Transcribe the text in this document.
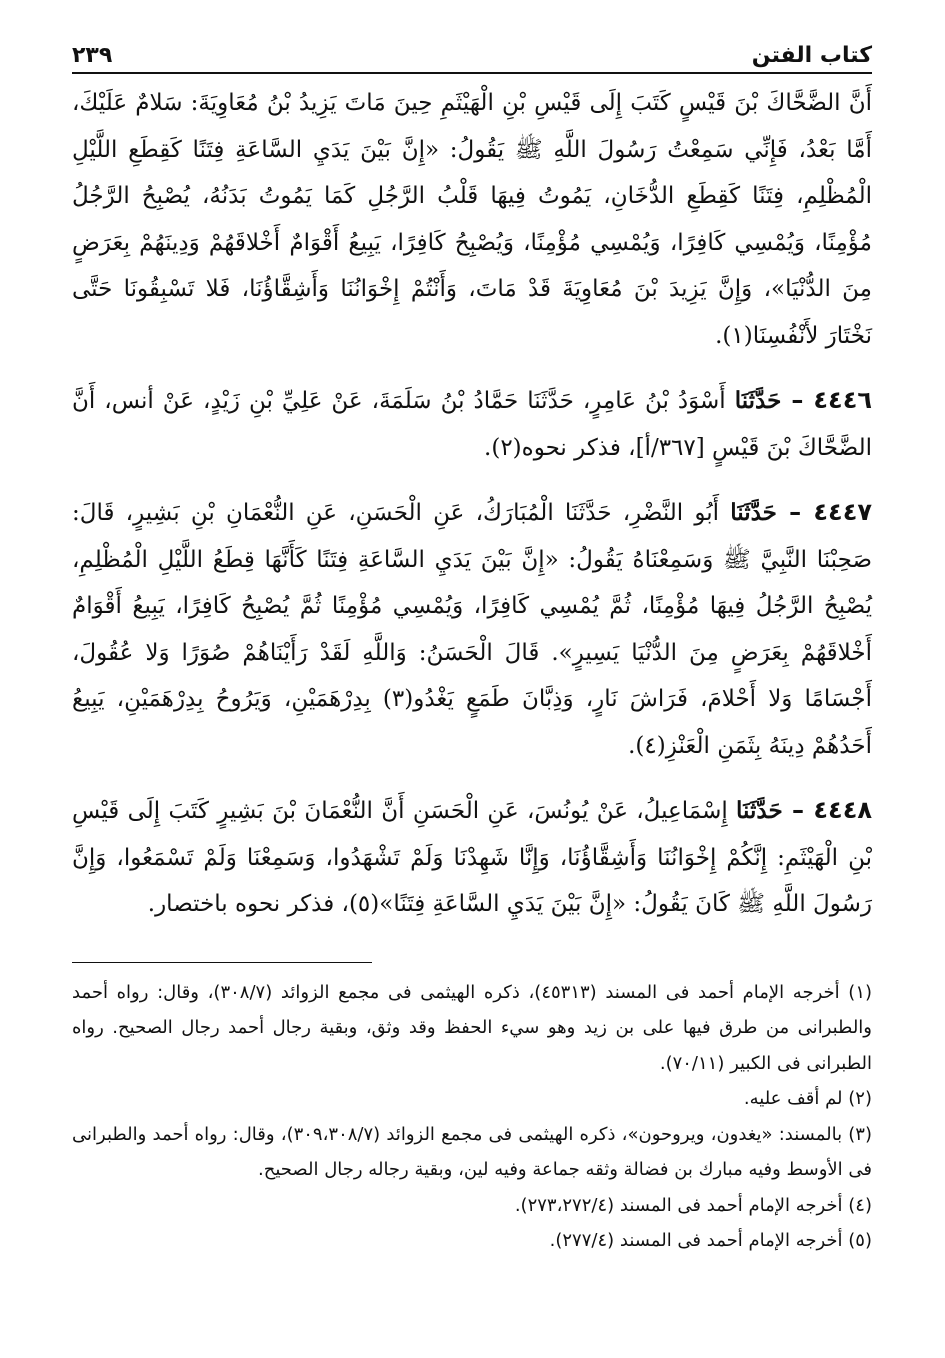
كتاب الفتن
٢٣٩

أَنَّ الضَّحَّاكَ بْنَ قَيْسٍ كَتَبَ إِلَى قَيْسِ بْنِ الْهَيْثَمِ حِينَ مَاتَ يَزِيدُ بْنُ مُعَاوِيَةَ: سَلامٌ عَلَيْكَ، أَمَّا بَعْدُ، فَإِنِّي سَمِعْتُ رَسُولَ اللَّهِ ﷺ يَقُولُ: «إِنَّ بَيْنَ يَدَيِ السَّاعَةِ فِتَنًا كَقِطَعِ اللَّيْلِ الْمُظْلِمِ، فِتَنًا كَقِطَعِ الدُّخَانِ، يَمُوتُ فِيهَا قَلْبُ الرَّجُلِ كَمَا يَمُوتُ بَدَنُهُ، يُصْبِحُ الرَّجُلُ مُؤْمِنًا، وَيُمْسِي كَافِرًا، وَيُمْسِي مُؤْمِنًا، وَيُصْبِحُ كَافِرًا، يَبِيعُ أَقْوَامٌ أَخْلاقَهُمْ وَدِينَهُمْ بِعَرَضٍ مِنَ الدُّنْيَا»، وَإِنَّ يَزِيدَ بْنَ مُعَاوِيَةَ قَدْ مَاتَ، وَأَنْتُمْ إِخْوَانُنَا وَأَشِقَّاؤُنَا، فَلا تَسْبِقُونَا حَتَّى نَخْتَارَ لأَنْفُسِنَا(١).

٤٤٤٦ – حَدَّثَنَا أَسْوَدُ بْنُ عَامِرٍ، حَدَّثَنَا حَمَّادُ بْنُ سَلَمَةَ، عَنْ عَلِيِّ بْنِ زَيْدٍ، عَنْ أنس، أَنَّ الضَّحَّاكَ بْنَ قَيْسٍ [٣٦٧/أ]، فذكر نحوه(٢).

٤٤٤٧ – حَدَّثَنَا أَبُو النَّضْرِ، حَدَّثَنَا الْمُبَارَكُ، عَنِ الْحَسَنِ، عَنِ النُّعْمَانِ بْنِ بَشِيرٍ، قَالَ: صَحِبْنَا النَّبِيَّ ﷺ وَسَمِعْنَاهُ يَقُولُ: «إِنَّ بَيْنَ يَدَيِ السَّاعَةِ فِتَنًا كَأَنَّهَا قِطَعُ اللَّيْلِ الْمُظْلِمِ، يُصْبِحُ الرَّجُلُ فِيهَا مُؤْمِنًا، ثُمَّ يُمْسِي كَافِرًا، وَيُمْسِي مُؤْمِنًا ثُمَّ يُصْبِحُ كَافِرًا، يَبِيعُ أَقْوَامٌ أَخْلاقَهُمْ بِعَرَضٍ مِنَ الدُّنْيَا يَسِيرٍ». قَالَ الْحَسَنُ: وَاللَّهِ لَقَدْ رَأَيْنَاهُمْ صُوَرًا وَلا عُقُولَ، أَجْسَامًا وَلا أَحْلامَ، فَرَاشَ نَارٍ، وَذِبَّانَ طَمَعٍ يَغْدُو(٣) بِدِرْهَمَيْنِ، وَيَرُوحُ بِدِرْهَمَيْنِ، يَبِيعُ أَحَدُهُمْ دِينَهُ بِثَمَنِ الْعَنْزِ(٤).

٤٤٤٨ – حَدَّثَنَا إِسْمَاعِيلُ، عَنْ يُونُسَ، عَنِ الْحَسَنِ أَنَّ النُّعْمَانَ بْنَ بَشِيرٍ كَتَبَ إِلَى قَيْسِ بْنِ الْهَيْثَمِ: إِنَّكُمْ إِخْوَانُنَا وَأَشِقَّاؤُنَا، وَإِنَّا شَهِدْنَا وَلَمْ تَشْهَدُوا، وَسَمِعْنَا وَلَمْ تَسْمَعُوا، وَإِنَّ رَسُولَ اللَّهِ ﷺ كَانَ يَقُولُ: «إِنَّ بَيْنَ يَدَيِ السَّاعَةِ فِتَنًا»(٥)، فذكر نحوه باختصار.

(١) أخرجه الإمام أحمد فى المسند (٤٥٣١٣)، ذكره الهيثمى فى مجمع الزوائد (٣٠٨/٧)، وقال: رواه أحمد والطبرانى من طرق فيها على بن زيد وهو سيء الحفظ وقد وثق، وبقية رجال أحمد رجال الصحيح. رواه الطبرانى فى الكبير (٧٠/١١).

(٢) لم أقف عليه.

(٣) بالمسند: «يغدون، ويروحون»، ذكره الهيثمى فى مجمع الزوائد (٣٠٩،٣٠٨/٧)، وقال: رواه أحمد والطبرانى فى الأوسط وفيه مبارك بن فضالة وثقه جماعة وفيه لين، وبقية رجاله رجال الصحيح.

(٤) أخرجه الإمام أحمد فى المسند (٢٧٣،٢٧٢/٤).

(٥) أخرجه الإمام أحمد فى المسند (٢٧٧/٤).
